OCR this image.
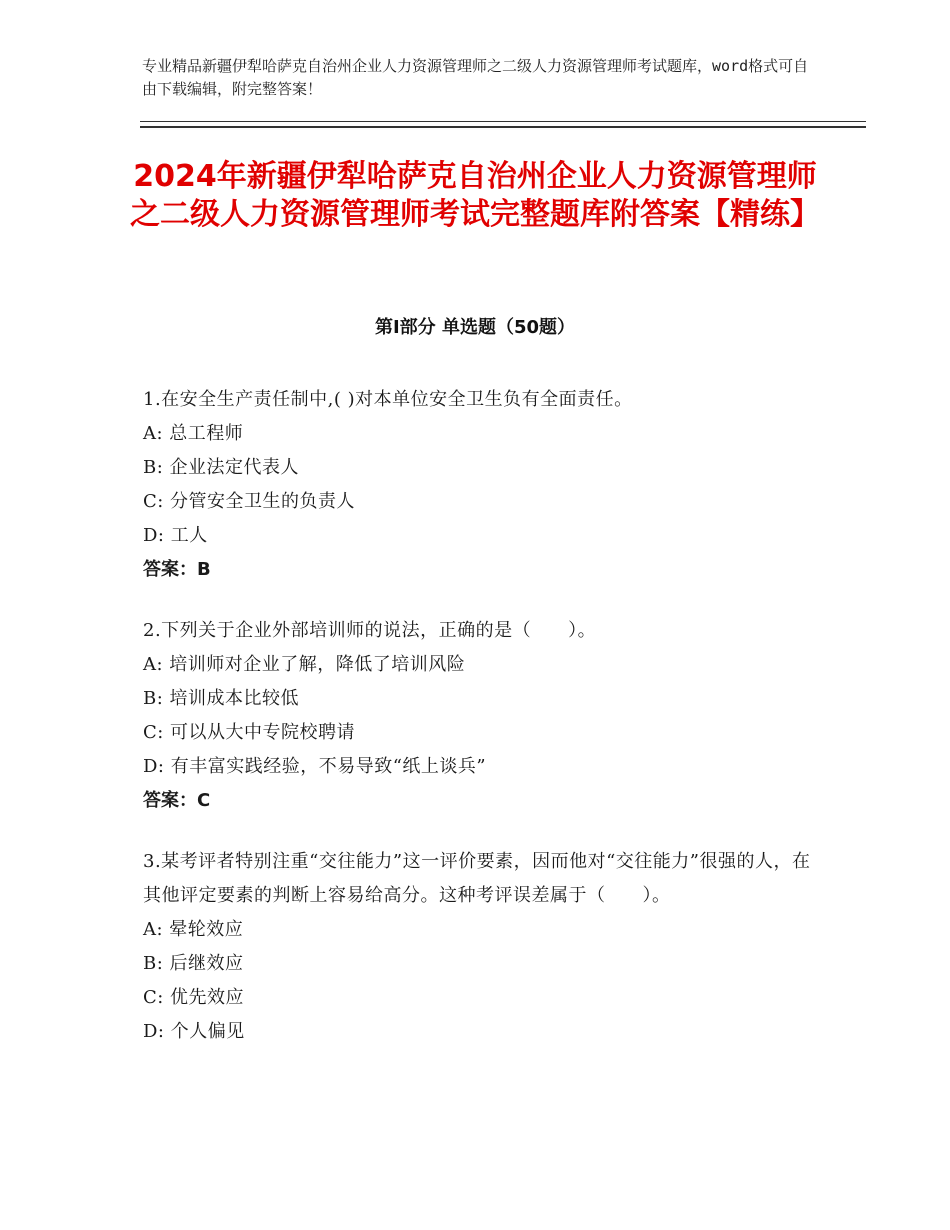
专业精品新疆伊犁哈萨克自治州企业人力资源管理师之二级人力资源管理师考试题库，word格式可自由下载编辑，附完整答案！
2024年新疆伊犁哈萨克自治州企业人力资源管理师之二级人力资源管理师考试完整题库附答案【精练】
第Ⅰ部分 单选题（50题）

1.在安全生产责任制中,( )对本单位安全卫生负有全面责任。

A: 总工程师

B: 企业法定代表人

C: 分管安全卫生的负责人

D: 工人

答案：B

2.下列关于企业外部培训师的说法，正确的是（　　）。

A: 培训师对企业了解，降低了培训风险

B: 培训成本比较低

C: 可以从大中专院校聘请

D: 有丰富实践经验，不易导致“纸上谈兵”

答案：C

3.某考评者特别注重“交往能力”这一评价要素，因而他对“交往能力”很强的人，在其他评定要素的判断上容易给高分。这种考评误差属于（　　）。

A: 晕轮效应

B: 后继效应

C: 优先效应

D: 个人偏见
